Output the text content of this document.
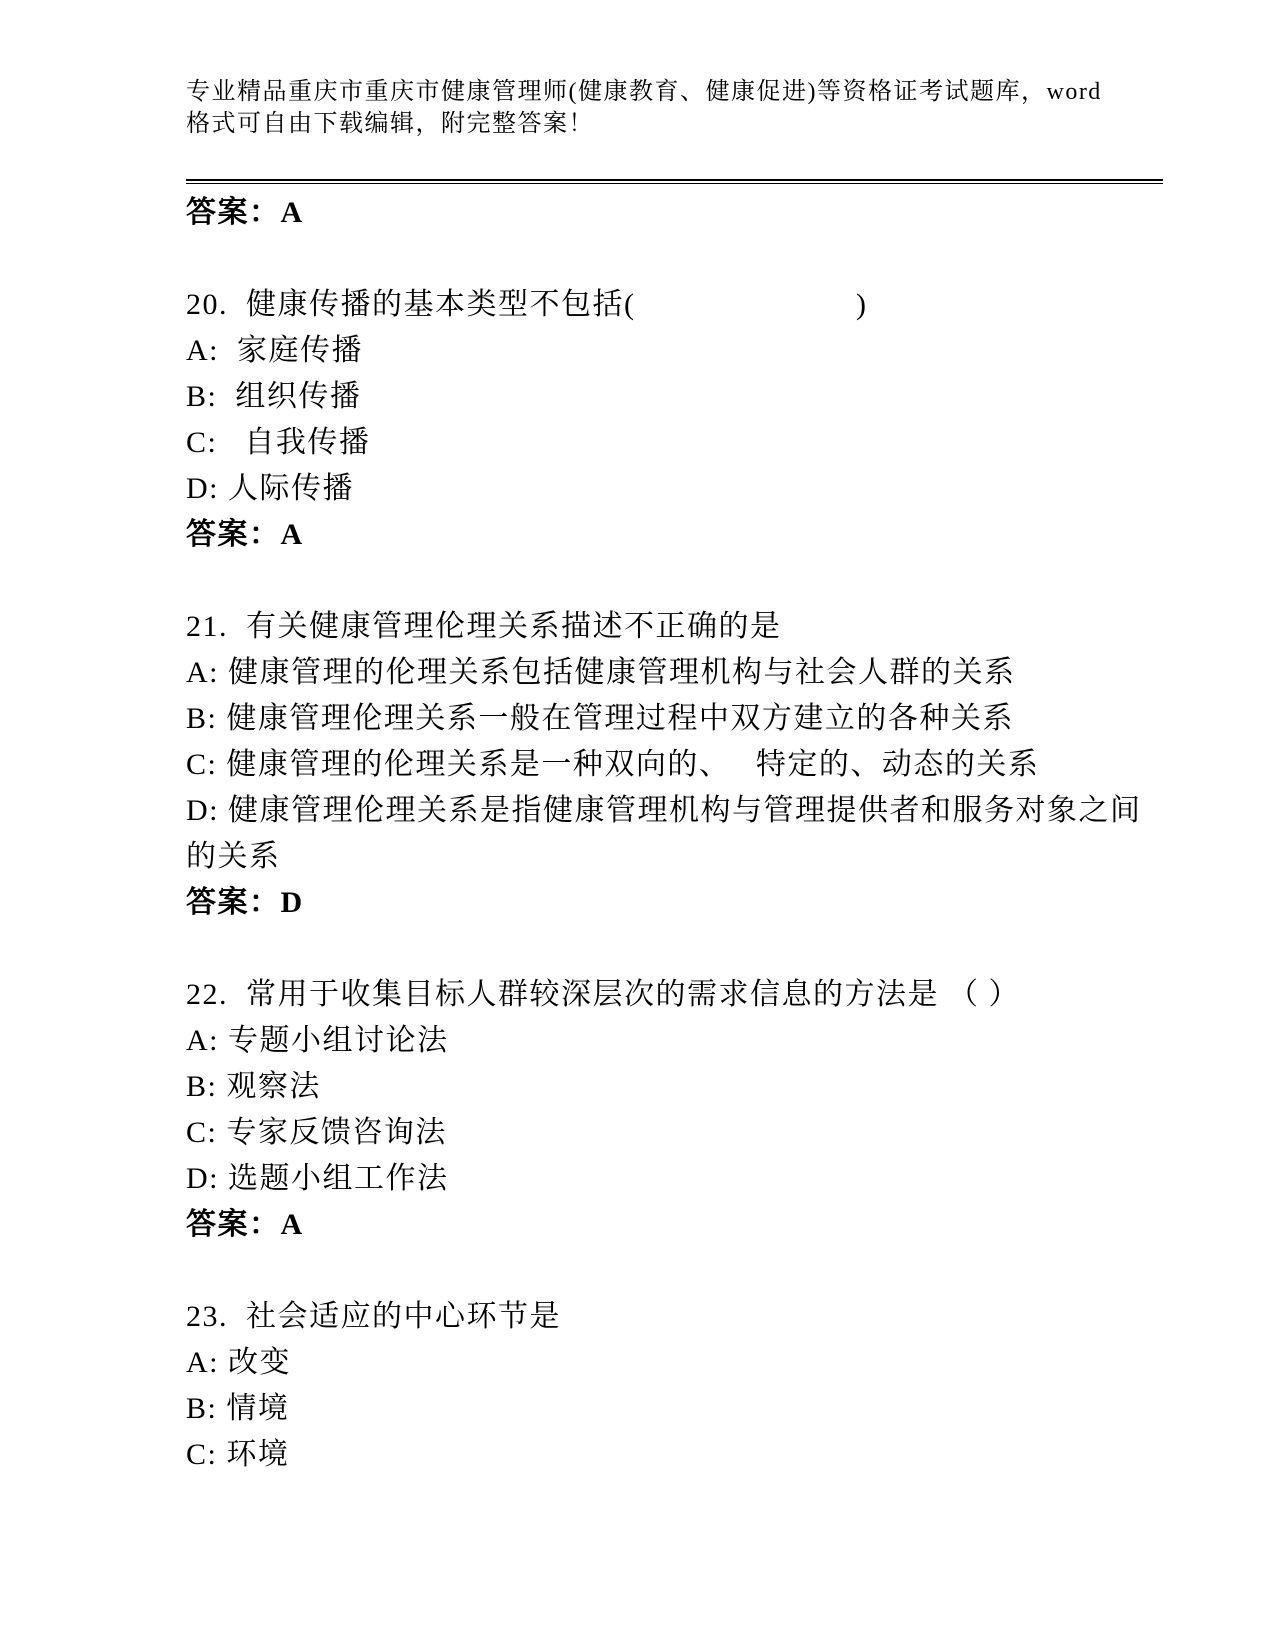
专业精品重庆市重庆市健康管理师(健康教育、健康促进)等资格证考试题库，word
格式可自由下载编辑，附完整答案！

答案：A

20.  健康传播的基本类型不包括(　　　　　　　)

A:  家庭传播

B:  组织传播

C:   自我传播

D: 人际传播

答案：A

21.  有关健康管理伦理关系描述不正确的是

A: 健康管理的伦理关系包括健康管理机构与社会人群的关系

B: 健康管理伦理关系一般在管理过程中双方建立的各种关系

C: 健康管理的伦理关系是一种双向的、　 特定的、动态的关系

D: 健康管理伦理关系是指健康管理机构与管理提供者和服务对象之间

的关系

答案：D

22.  常用于收集目标人群较深层次的需求信息的方法是 （ ）

A: 专题小组讨论法

B: 观察法

C: 专家反馈咨询法

D: 选题小组工作法

答案：A

23.  社会适应的中心环节是

A: 改变

B: 情境

C: 环境
